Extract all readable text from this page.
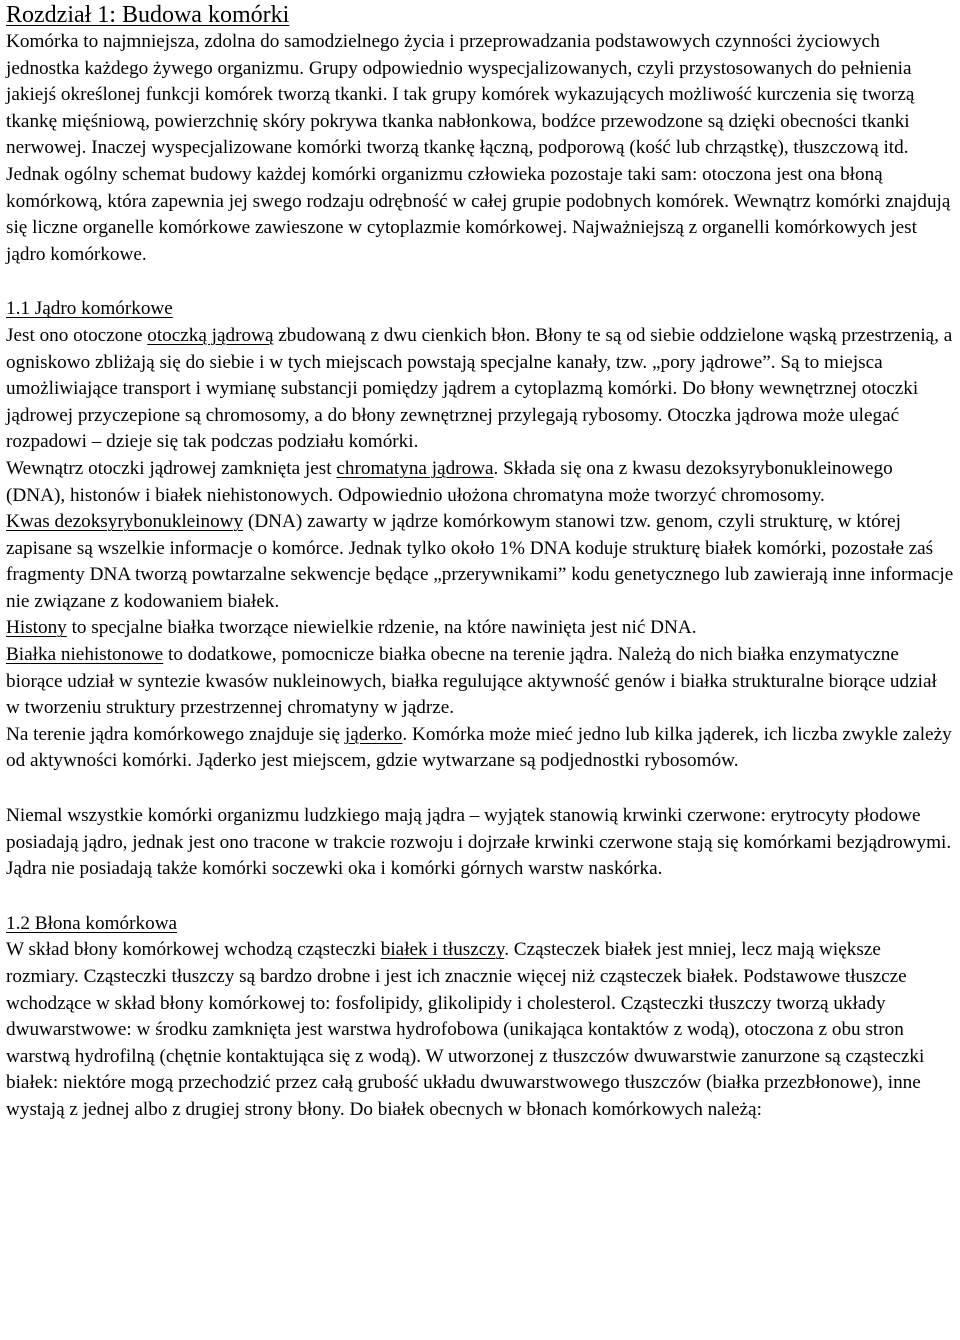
Rozdział 1: Budowa komórki

Komórka to najmniejsza, zdolna do samodzielnego życia i przeprowadzania podstawowych czynności życiowych jednostka każdego żywego organizmu. Grupy odpowiednio wyspecjalizowanych, czyli przystosowanych do pełnienia jakiejś określonej funkcji komórek tworzą tkanki. I tak grupy komórek wykazujących możliwość kurczenia się tworzą tkankę mięśniową, powierzchnię skóry pokrywa tkanka nabłonkowa, bodźce przewodzone są dzięki obecności tkanki nerwowej. Inaczej wyspecjalizowane komórki tworzą tkankę łączną, podporową (kość lub chrząstkę), tłuszczową itd.

Jednak ogólny schemat budowy każdej komórki organizmu człowieka pozostaje taki sam: otoczona jest ona błoną komórkową, która zapewnia jej swego rodzaju odrębność w całej grupie podobnych komórek. Wewnątrz komórki znajdują się liczne organelle komórkowe zawieszone w cytoplazmie komórkowej. Najważniejszą z organelli komórkowych jest jądro komórkowe.

1.1 Jądro komórkowe

Jest ono otoczone otoczką jądrową zbudowaną z dwu cienkich błon. Błony te są od siebie oddzielone wąską przestrzenią, a ogniskowo zbliżają się do siebie i w tych miejscach powstają specjalne kanały, tzw. „pory jądrowe”. Są to miejsca umożliwiające transport i wymianę substancji pomiędzy jądrem a cytoplazmą komórki. Do błony wewnętrznej otoczki jądrowej przyczepione są chromosomy, a do błony zewnętrznej przylegają rybosomy. Otoczka jądrowa może ulegać rozpadowi – dzieje się tak podczas podziału komórki.

Wewnątrz otoczki jądrowej zamknięta jest chromatyna jądrowa. Składa się ona z kwasu dezoksyrybonukleinowego (DNA), histonów i białek niehistonowych. Odpowiednio ułożona chromatyna może tworzyć chromosomy.

Kwas dezoksyrybonukleinowy (DNA) zawarty w jądrze komórkowym stanowi tzw. genom, czyli strukturę, w której zapisane są wszelkie informacje o komórce. Jednak tylko około 1% DNA koduje strukturę białek komórki, pozostałe zaś fragmenty DNA tworzą powtarzalne sekwencje będące „przerywnikami” kodu genetycznego lub zawierają inne informacje nie związane z kodowaniem białek.

Histony to specjalne białka tworzące niewielkie rdzenie, na które nawinięta jest nić DNA.

Białka niehistonowe to dodatkowe, pomocnicze białka obecne na terenie jądra. Należą do nich białka enzymatyczne biorące udział w syntezie kwasów nukleinowych, białka regulujące aktywność genów i białka strukturalne biorące udział w tworzeniu struktury przestrzennej chromatyny w jądrze.

Na terenie jądra komórkowego znajduje się jąderko. Komórka może mieć jedno lub kilka jąderek, ich liczba zwykle zależy od aktywności komórki. Jąderko jest miejscem, gdzie wytwarzane są podjednostki rybosomów.

Niemal wszystkie komórki organizmu ludzkiego mają jądra – wyjątek stanowią krwinki czerwone: erytrocyty płodowe posiadają jądro, jednak jest ono tracone w trakcie rozwoju i dojrzałe krwinki czerwone stają się komórkami bezjądrowymi. Jądra nie posiadają także komórki soczewki oka i komórki górnych warstw naskórka.

1.2 Błona komórkowa

W skład błony komórkowej wchodzą cząsteczki białek i tłuszczy. Cząsteczek białek jest mniej, lecz mają większe rozmiary. Cząsteczki tłuszczy są bardzo drobne i jest ich znacznie więcej niż cząsteczek białek. Podstawowe tłuszcze wchodzące w skład błony komórkowej to: fosfolipidy, glikolipidy i cholesterol. Cząsteczki tłuszczy tworzą układy dwuwarstwowe: w środku zamknięta jest warstwa hydrofobowa (unikająca kontaktów z wodą), otoczona z obu stron warstwą hydrofilną (chętnie kontaktująca się z wodą). W utworzonej z tłuszczów dwuwarstwie zanurzone są cząsteczki białek: niektóre mogą przechodzić przez całą grubość układu dwuwarstwowego tłuszczów (białka przezbłonowe), inne wystają z jednej albo z drugiej strony błony. Do białek obecnych w błonach komórkowych należą:
